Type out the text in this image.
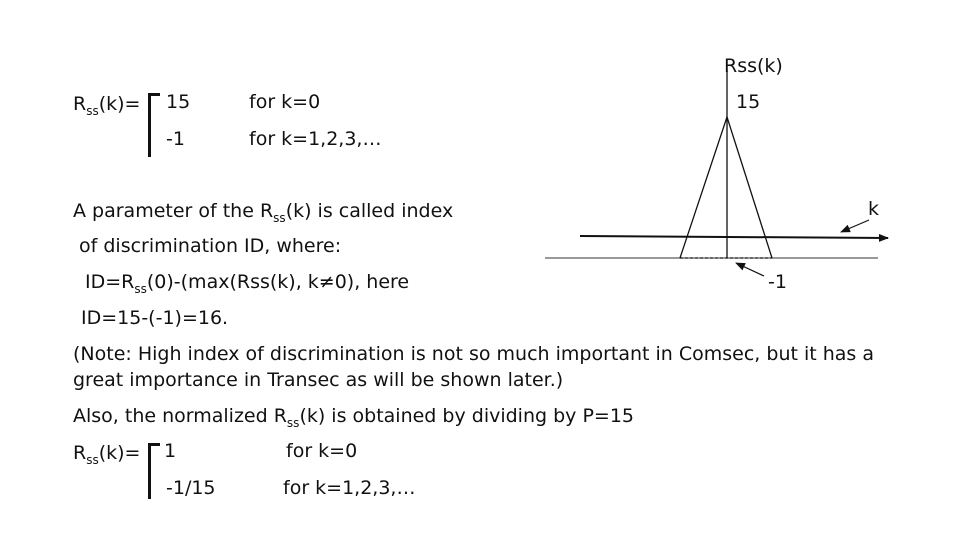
$R_{ss}(k)= 15$	for k=0
-1	for k=1,2,3,…
A parameter of the $R_{ss}(k)$ is called index
of discrimination ID, where:
$ID=R_{ss}(0)-(\max(Rss(k)$, k≠0), here
ID=15-(-1)=16.
(Note: High index of discrimination is not so much important in Comsec, but it has a
great importance in Transec as will be shown later.)
Also, the normalized $R_{ss}(k)$ is obtained by dividing by P=15
$R_{ss}(k)= 1$	for k=0
-1/15	for k=1,2,3,…
Rss(k)
15
k
-1
